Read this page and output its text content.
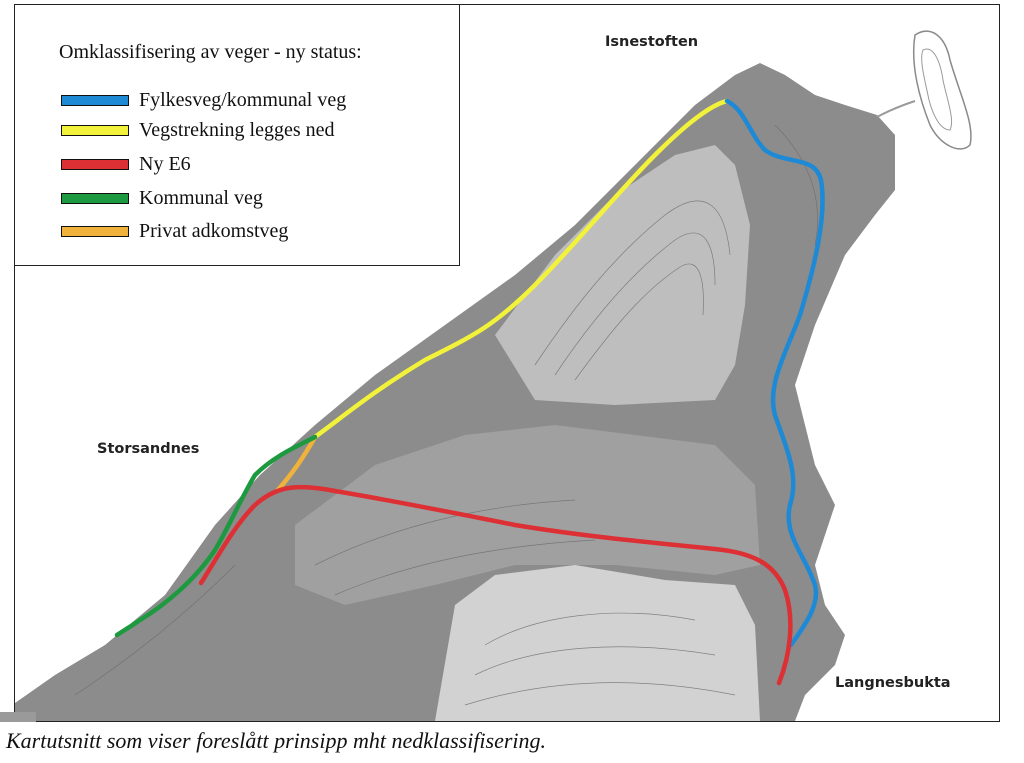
Omklassifisering av veger - ny status:
Fylkesveg/kommunal veg
Vegstrekning legges ned
Ny E6
Kommunal veg
Privat adkomstveg
Isnestoften
Storsandnes
Langnesbukta
Kartutsnitt som viser foreslått prinsipp mht nedklassifisering.
